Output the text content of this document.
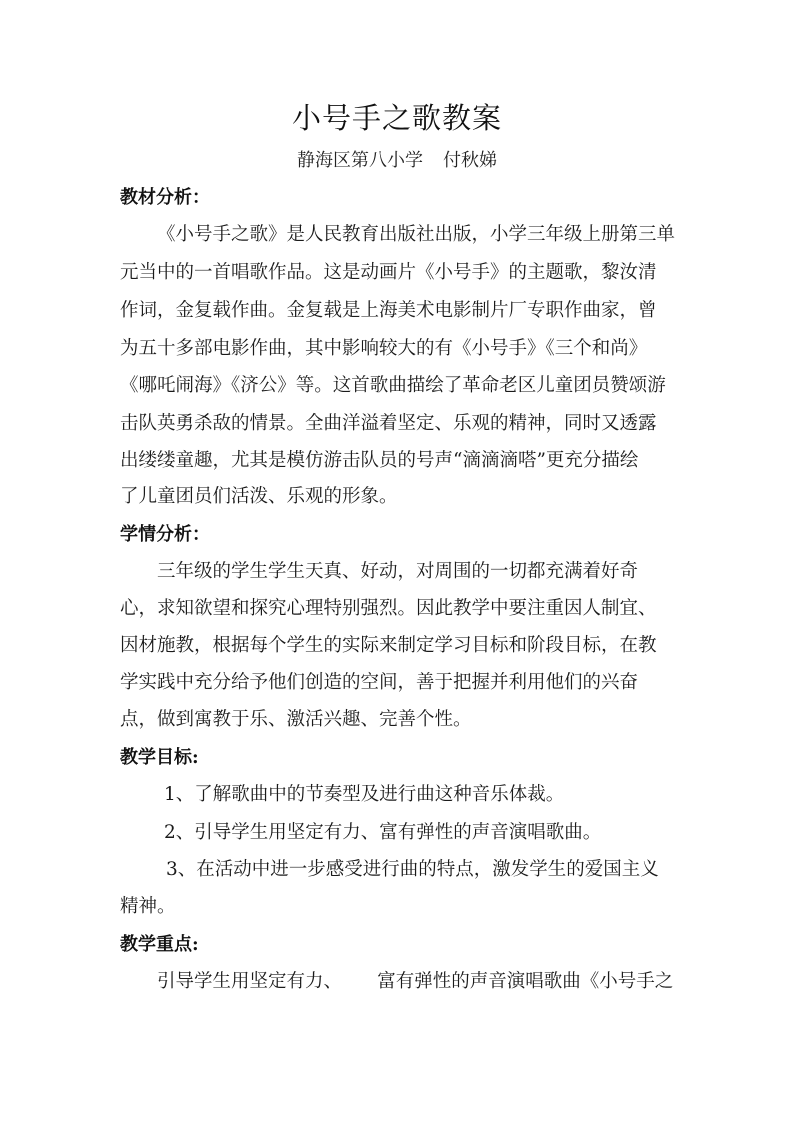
小号手之歌教案
静海区第八小学 付秋娣
教材分析：
《小号手之歌》是人民教育出版社出版，小学三年级上册第三单
元当中的一首唱歌作品。这是动画片《小号手》的主题歌，黎汝清
作词，金复载作曲。金复载是上海美术电影制片厂专职作曲家，曾
为五十多部电影作曲，其中影响较大的有《小号手》《三个和尚》
《哪吒闹海》《济公》等。这首歌曲描绘了革命老区儿童团员赞颂游
击队英勇杀敌的情景。全曲洋溢着坚定、乐观的精神，同时又透露
出缕缕童趣，尤其是模仿游击队员的号声“滴滴滴嗒”更充分描绘
了儿童团员们活泼、乐观的形象。
学情分析：
三年级的学生学生天真、好动，对周围的一切都充满着好奇
心，求知欲望和探究心理特别强烈。因此教学中要注重因人制宜、
因材施教，根据每个学生的实际来制定学习目标和阶段目标，在教
学实践中充分给予他们创造的空间，善于把握并利用他们的兴奋
点，做到寓教于乐、激活兴趣、完善个性。
教学目标:
1、了解歌曲中的节奏型及进行曲这种音乐体裁。
2、引导学生用坚定有力、富有弹性的声音演唱歌曲。
3、在活动中进一步感受进行曲的特点，激发学生的爱国主义
精神。
教学重点:
引导学生用坚定有力、      富有弹性的声音演唱歌曲《小号手之
